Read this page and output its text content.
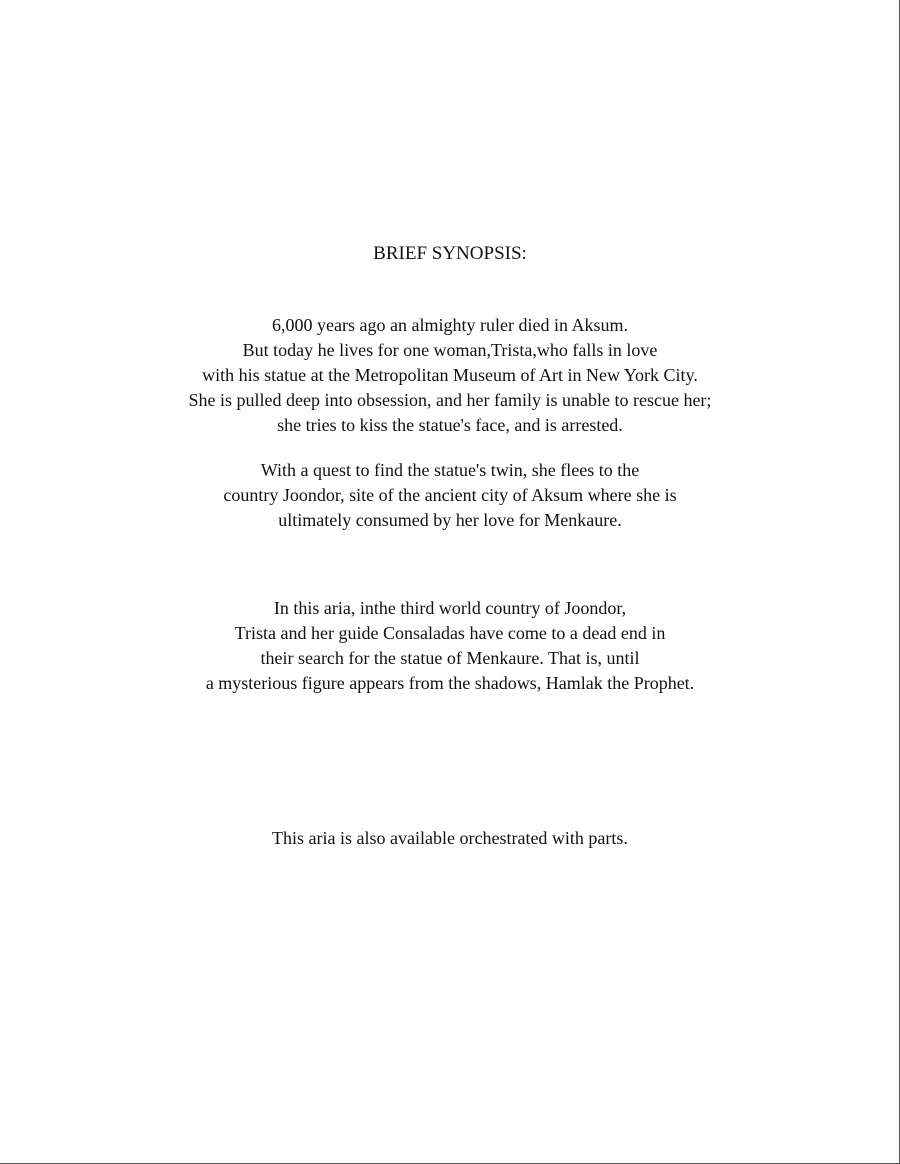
BRIEF SYNOPSIS:
6,000 years ago an almighty ruler died in Aksum.
But today he lives for one woman,Trista,who falls in love
with his statue at the Metropolitan Museum of Art in New York City.
She is pulled deep into obsession, and her family is unable to rescue her;
she tries to kiss the statue's face, and is arrested.
With a quest to find the statue's twin, she flees to the
country Joondor, site of the ancient city of Aksum where she is
ultimately consumed by her love for Menkaure.
In this aria, inthe third world country of Joondor,
Trista and her guide Consaladas have come to a dead end in
their search for the statue of Menkaure. That is, until
a mysterious figure appears from the shadows, Hamlak the Prophet.
This aria is also available orchestrated with parts.
